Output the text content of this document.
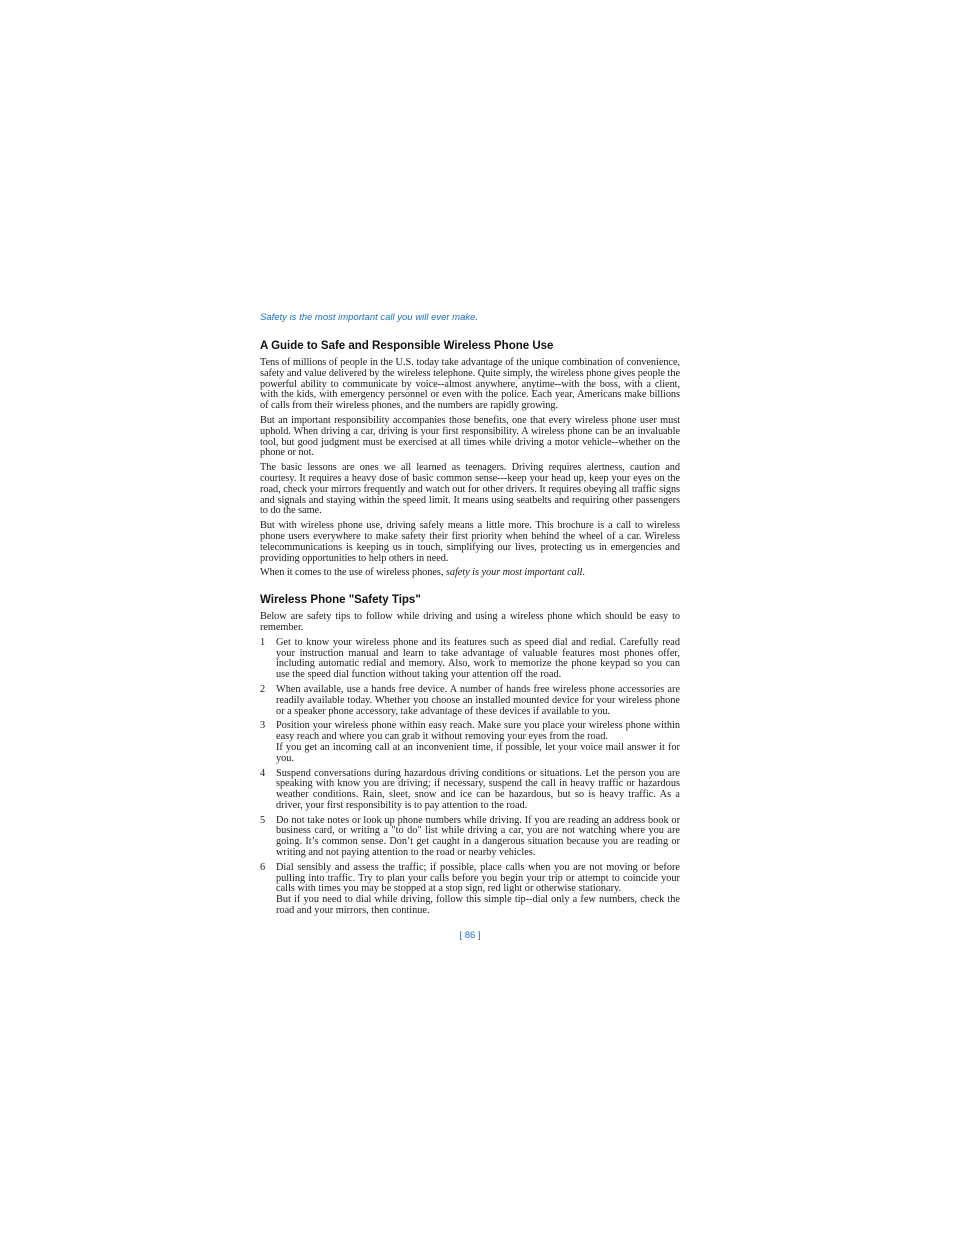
Safety is the most important call you will ever make.
A Guide to Safe and Responsible Wireless Phone Use

Tens of millions of people in the U.S. today take advantage of the unique combination of convenience, safety and value delivered by the wireless telephone. Quite simply, the wireless phone gives people the powerful ability to communicate by voice--almost anywhere, anytime--with the boss, with a client, with the kids, with emergency personnel or even with the police. Each year, Americans make billions of calls from their wireless phones, and the numbers are rapidly growing.

But an important responsibility accompanies those benefits, one that every wireless phone user must uphold. When driving a car, driving is your first responsibility. A wireless phone can be an invaluable tool, but good judgment must be exercised at all times while driving a motor vehicle--whether on the phone or not.

The basic lessons are ones we all learned as teenagers. Driving requires alertness, caution and courtesy. It requires a heavy dose of basic common sense---keep your head up, keep your eyes on the road, check your mirrors frequently and watch out for other drivers. It requires obeying all traffic signs and signals and staying within the speed limit. It means using seatbelts and requiring other passengers to do the same.

But with wireless phone use, driving safely means a little more. This brochure is a call to wireless phone users everywhere to make safety their first priority when behind the wheel of a car. Wireless telecommunications is keeping us in touch, simplifying our lives, protecting us in emergencies and providing opportunities to help others in need.

When it comes to the use of wireless phones, safety is your most important call.

Wireless Phone "Safety Tips"

Below are safety tips to follow while driving and using a wireless phone which should be easy to remember.

1 Get to know your wireless phone and its features such as speed dial and redial. Carefully read your instruction manual and learn to take advantage of valuable features most phones offer, including automatic redial and memory. Also, work to memorize the phone keypad so you can use the speed dial function without taking your attention off the road.
2 When available, use a hands free device. A number of hands free wireless phone accessories are readily available today. Whether you choose an installed mounted device for your wireless phone or a speaker phone accessory, take advantage of these devices if available to you.
3 Position your wireless phone within easy reach. Make sure you place your wireless phone within easy reach and where you can grab it without removing your eyes from the road.
If you get an incoming call at an inconvenient time, if possible, let your voice mail answer it for you.
4 Suspend conversations during hazardous driving conditions or situations. Let the person you are speaking with know you are driving; if necessary, suspend the call in heavy traffic or hazardous weather conditions. Rain, sleet, snow and ice can be hazardous, but so is heavy traffic. As a driver, your first responsibility is to pay attention to the road.
5 Do not take notes or look up phone numbers while driving. If you are reading an address book or business card, or writing a "to do" list while driving a car, you are not watching where you are going. It’s common sense. Don’t get caught in a dangerous situation because you are reading or writing and not paying attention to the road or nearby vehicles.
6 Dial sensibly and assess the traffic; if possible, place calls when you are not moving or before pulling into traffic. Try to plan your calls before you begin your trip or attempt to coincide your calls with times you may be stopped at a stop sign, red light or otherwise stationary.
But if you need to dial while driving, follow this simple tip--dial only a few numbers, check the road and your mirrors, then continue.
[ 86 ]
